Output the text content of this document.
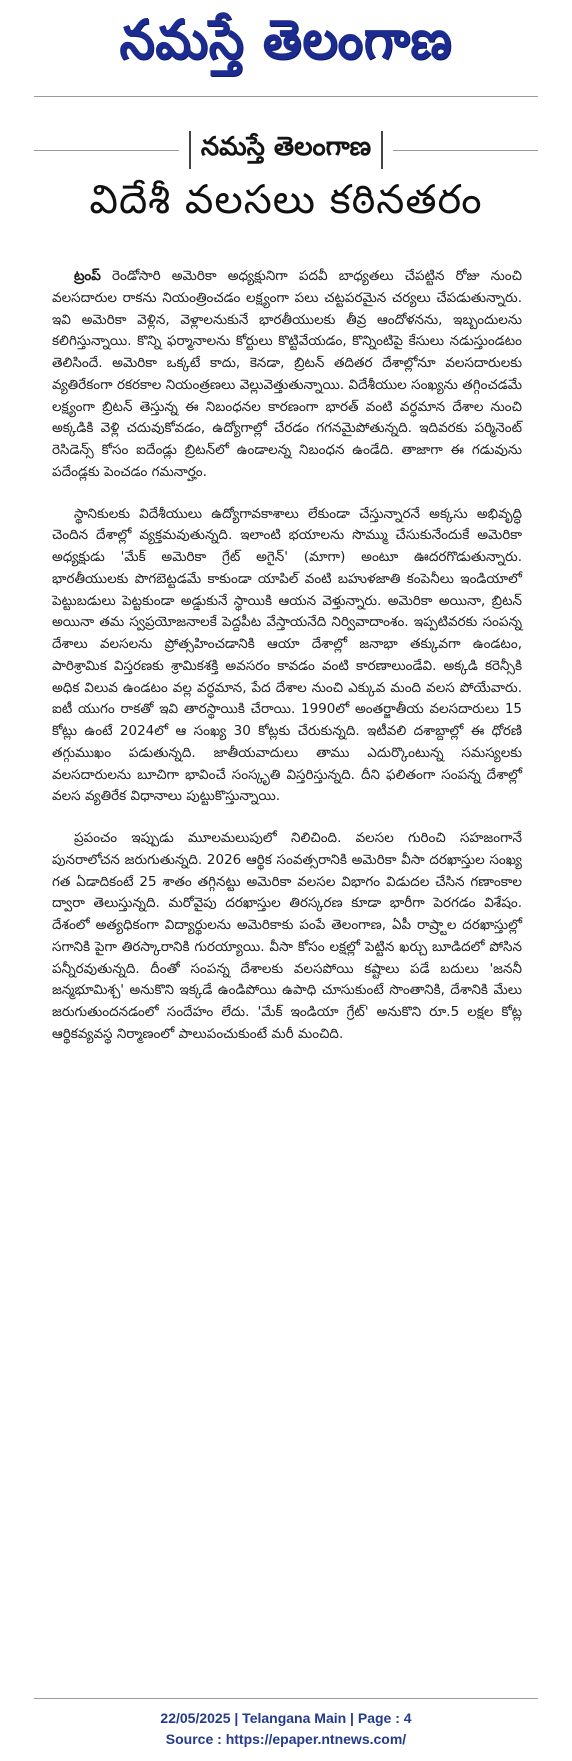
నమస్తే తెలంగాణ
నమస్తే తెలంగాణ
విదేశీ వలసలు కఠినతరం

ట్రంప్ రెండోసారి అమెరికా అధ్యక్షునిగా పదవీ బాధ్యతలు చేపట్టిన రోజు నుంచి వలసదారుల రాకను నియంత్రించడం లక్ష్యంగా పలు చట్టపరమైన చర్యలు చేపడుతున్నారు. ఇవి అమెరికా వెళ్లిన, వెళ్లాలనుకునే భారతీయులకు తీవ్ర ఆందోళనను, ఇబ్బందులను కలిగిస్తున్నాయి. కొన్ని ఫర్మానాలను కోర్టులు కొట్టివేయడం, కొన్నింటిపై కేసులు నడుస్తుండటం తెలిసిందే. అమెరికా ఒక్కటే కాదు, కెనడా, బ్రిటన్ తదితర దేశాల్లోనూ వలసదారులకు వ్యతిరేకంగా రకరకాల నియంత్రణలు వెల్లువెత్తుతున్నాయి. విదేశీయుల సంఖ్యను తగ్గించడమే లక్ష్యంగా బ్రిటన్ తెస్తున్న ఈ నిబంధనల కారణంగా భారత్ వంటి వర్ధమాన దేశాల నుంచి అక్కడికి వెళ్లి చదువుకోవడం, ఉద్యోగాల్లో చేరడం గగనమైపోతున్నది. ఇదివరకు పర్మినెంట్ రెసిడెన్స్ కోసం ఐదేండ్లు బ్రిటన్‌లో ఉండాలన్న నిబంధన ఉండేది. తాజాగా ఈ గడువును పదేండ్లకు పెంచడం గమనార్హం.

స్థానికులకు విదేశీయులు ఉద్యోగావకాశాలు లేకుండా చేస్తున్నారనే అక్కసు అభివృద్ధి చెందిన దేశాల్లో వ్యక్తమవుతున్నది. ఇలాంటి భయాలను సొమ్ము చేసుకునేందుకే అమెరికా అధ్యక్షుడు 'మేక్ అమెరికా గ్రేట్ అగైన్' (మాగా) అంటూ ఊదరగొడుతున్నారు. భారతీయులకు పొగబెట్టడమే కాకుండా యాపిల్ వంటి బహుళజాతి కంపెనీలు ఇండియాలో పెట్టుబడులు పెట్టకుండా అడ్డుకునే స్థాయికి ఆయన వెళ్తున్నారు. అమెరికా అయినా, బ్రిటన్ అయినా తమ స్వప్రయోజనాలకే పెద్దపీట వేస్తాయనేది నిర్వివాదాంశం. ఇప్పటివరకు సంపన్న దేశాలు వలసలను ప్రోత్సహించడానికి ఆయా దేశాల్లో జనాభా తక్కువగా ఉండటం, పారిశ్రామిక విస్తరణకు శ్రామికశక్తి అవసరం కావడం వంటి కారణాలుండేవి. అక్కడి కరెన్సీకి అధిక విలువ ఉండటం వల్ల వర్ధమాన, పేద దేశాల నుంచి ఎక్కువ మంది వలస పోయేవారు. ఐటీ యుగం రాకతో ఇవి తారస్థాయికి చేరాయి. 1990లో అంతర్జాతీయ వలసదారులు 15 కోట్లు ఉంటే 2024లో ఆ సంఖ్య 30 కోట్లకు చేరుకున్నది. ఇటీవలి దశాబ్దాల్లో ఈ ధోరణి తగ్గుముఖం పడుతున్నది. జాతీయవాదులు తాము ఎదుర్కొంటున్న సమస్యలకు వలసదారులను బూచిగా భావించే సంస్కృతి విస్తరిస్తున్నది. దీని ఫలితంగా సంపన్న దేశాల్లో వలస వ్యతిరేక విధానాలు పుట్టుకొస్తున్నాయి.

ప్రపంచం ఇప్పుడు మూలమలుపులో నిలిచింది. వలసల గురించి సహజంగానే పునరాలోచన జరుగుతున్నది. 2026 ఆర్థిక సంవత్సరానికి అమెరికా వీసా దరఖాస్తుల సంఖ్య గత ఏడాదికంటే 25 శాతం తగ్గినట్టు అమెరికా వలసల విభాగం విడుదల చేసిన గణాంకాల ద్వారా తెలుస్తున్నది. మరోవైపు దరఖాస్తుల తిరస్కరణ కూడా భారీగా పెరగడం విశేషం. దేశంలో అత్యధికంగా విద్యార్థులను అమెరికాకు పంపే తెలంగాణ, ఏపీ రాష్ర్టాల దరఖాస్తుల్లో సగానికి పైగా తిరస్కారానికి గురయ్యాయి. వీసా కోసం లక్షల్లో పెట్టిన ఖర్చు బూడిదలో పోసిన పన్నీరవుతున్నది. దీంతో సంపన్న దేశాలకు వలసపోయి కష్టాలు పడే బదులు 'జననీ జన్మభూమిశ్చ' అనుకొని ఇక్కడే ఉండిపోయి ఉపాధి చూసుకుంటే సొంతానికి, దేశానికి మేలు జరుగుతుందనడంలో సందేహం లేదు. 'మేక్ ఇండియా గ్రేట్' అనుకొని రూ.5 లక్షల కోట్ల ఆర్థికవ్యవస్థ నిర్మాణంలో పాలుపంచుకుంటే మరీ మంచిది.

22/05/2025 | Telangana Main | Page : 4
Source : https://epaper.ntnews.com/
